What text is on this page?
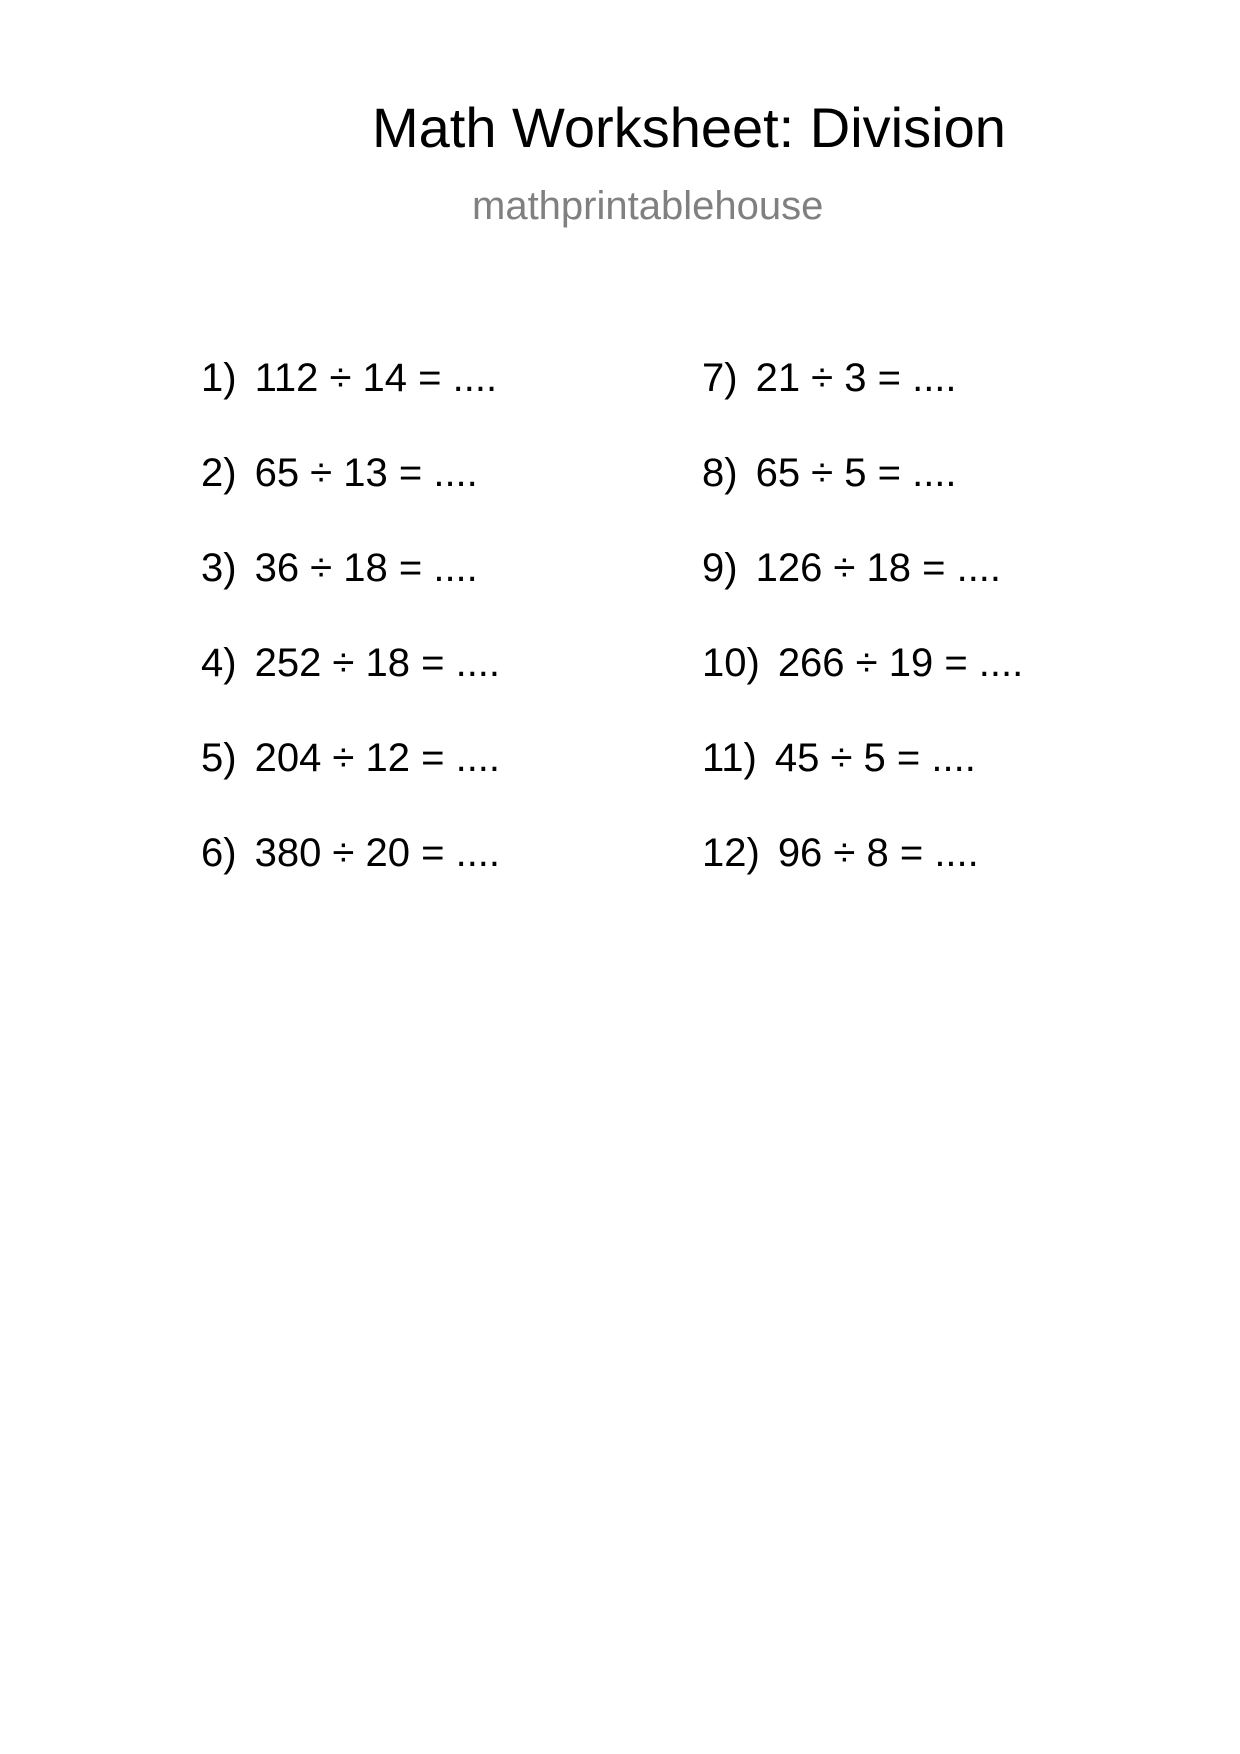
Math Worksheet: Division
mathprintablehouse
1) 112 ÷ 14 = ....
2) 65 ÷ 13 = ....
3) 36 ÷ 18 = ....
4) 252 ÷ 18 = ....
5) 204 ÷ 12 = ....
6) 380 ÷ 20 = ....
7) 21 ÷ 3 = ....
8) 65 ÷ 5 = ....
9) 126 ÷ 18 = ....
10) 266 ÷ 19 = ....
11) 45 ÷ 5 = ....
12) 96 ÷ 8 = ....
